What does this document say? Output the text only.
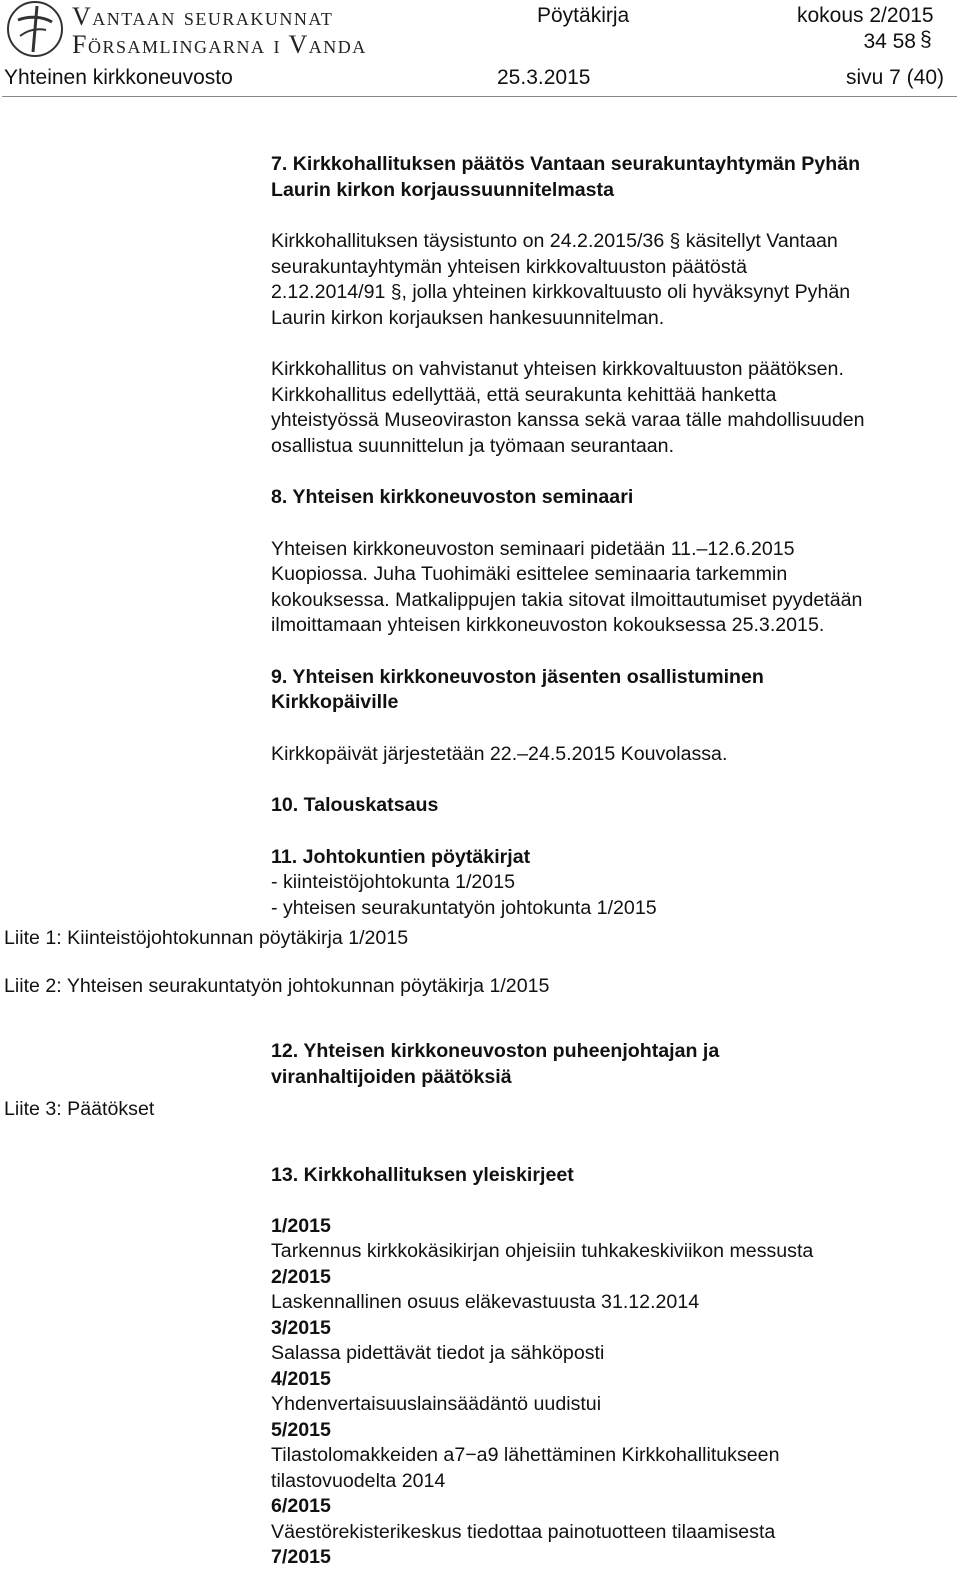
Vantaan seurakunnat
Församlingarna i Vanda
Pöytäkirja	kokous 2/2015
34 58 §
Yhteinen kirkkoneuvosto	25.3.2015	sivu 7 (40)

7. Kirkkohallituksen päätös Vantaan seurakuntayhtymän Pyhän

Laurin kirkon korjaussuunnitelmasta

Kirkkohallituksen täysistunto on 24.2.2015/36 § käsitellyt Vantaan

seurakuntayhtymän yhteisen kirkkovaltuuston päätöstä

2.12.2014/91 §, jolla yhteinen kirkkovaltuusto oli hyväksynyt Pyhän

Laurin kirkon korjauksen hankesuunnitelman.

Kirkkohallitus on vahvistanut yhteisen kirkkovaltuuston päätöksen.

Kirkkohallitus edellyttää, että seurakunta kehittää hanketta

yhteistyössä Museoviraston kanssa sekä varaa tälle mahdollisuuden

osallistua suunnittelun ja työmaan seurantaan.

8. Yhteisen kirkkoneuvoston seminaari

Yhteisen kirkkoneuvoston seminaari pidetään 11.–12.6.2015

Kuopiossa. Juha Tuohimäki esittelee seminaaria tarkemmin

kokouksessa. Matkalippujen takia sitovat ilmoittautumiset pyydetään

ilmoittamaan yhteisen kirkkoneuvoston kokouksessa 25.3.2015.

9. Yhteisen kirkkoneuvoston jäsenten osallistuminen

Kirkkopäiville

Kirkkopäivät järjestetään 22.–24.5.2015 Kouvolassa.

10. Talouskatsaus

11. Johtokuntien pöytäkirjat

- kiinteistöjohtokunta 1/2015

- yhteisen seurakuntatyön johtokunta 1/2015

12. Yhteisen kirkkoneuvoston puheenjohtajan ja

viranhaltijoiden päätöksiä

13. Kirkkohallituksen yleiskirjeet

1/2015

Tarkennus kirkkokäsikirjan ohjeisiin tuhkakeskiviikon messusta

2/2015

Laskennallinen osuus eläkevastuusta 31.12.2014

3/2015

Salassa pidettävät tiedot ja sähköposti

4/2015

Yhdenvertaisuuslainsäädäntö uudistui

5/2015

Tilastolomakkeiden a7−a9 lähettäminen Kirkkohallitukseen

tilastovuodelta 2014

6/2015

Väestörekisterikeskus tiedottaa painotuotteen tilaamisesta

7/2015

Liite 1: Kiinteistöjohtokunnan pöytäkirja 1/2015
Liite 2: Yhteisen seurakuntatyön johtokunnan pöytäkirja 1/2015
Liite 3: Päätökset
